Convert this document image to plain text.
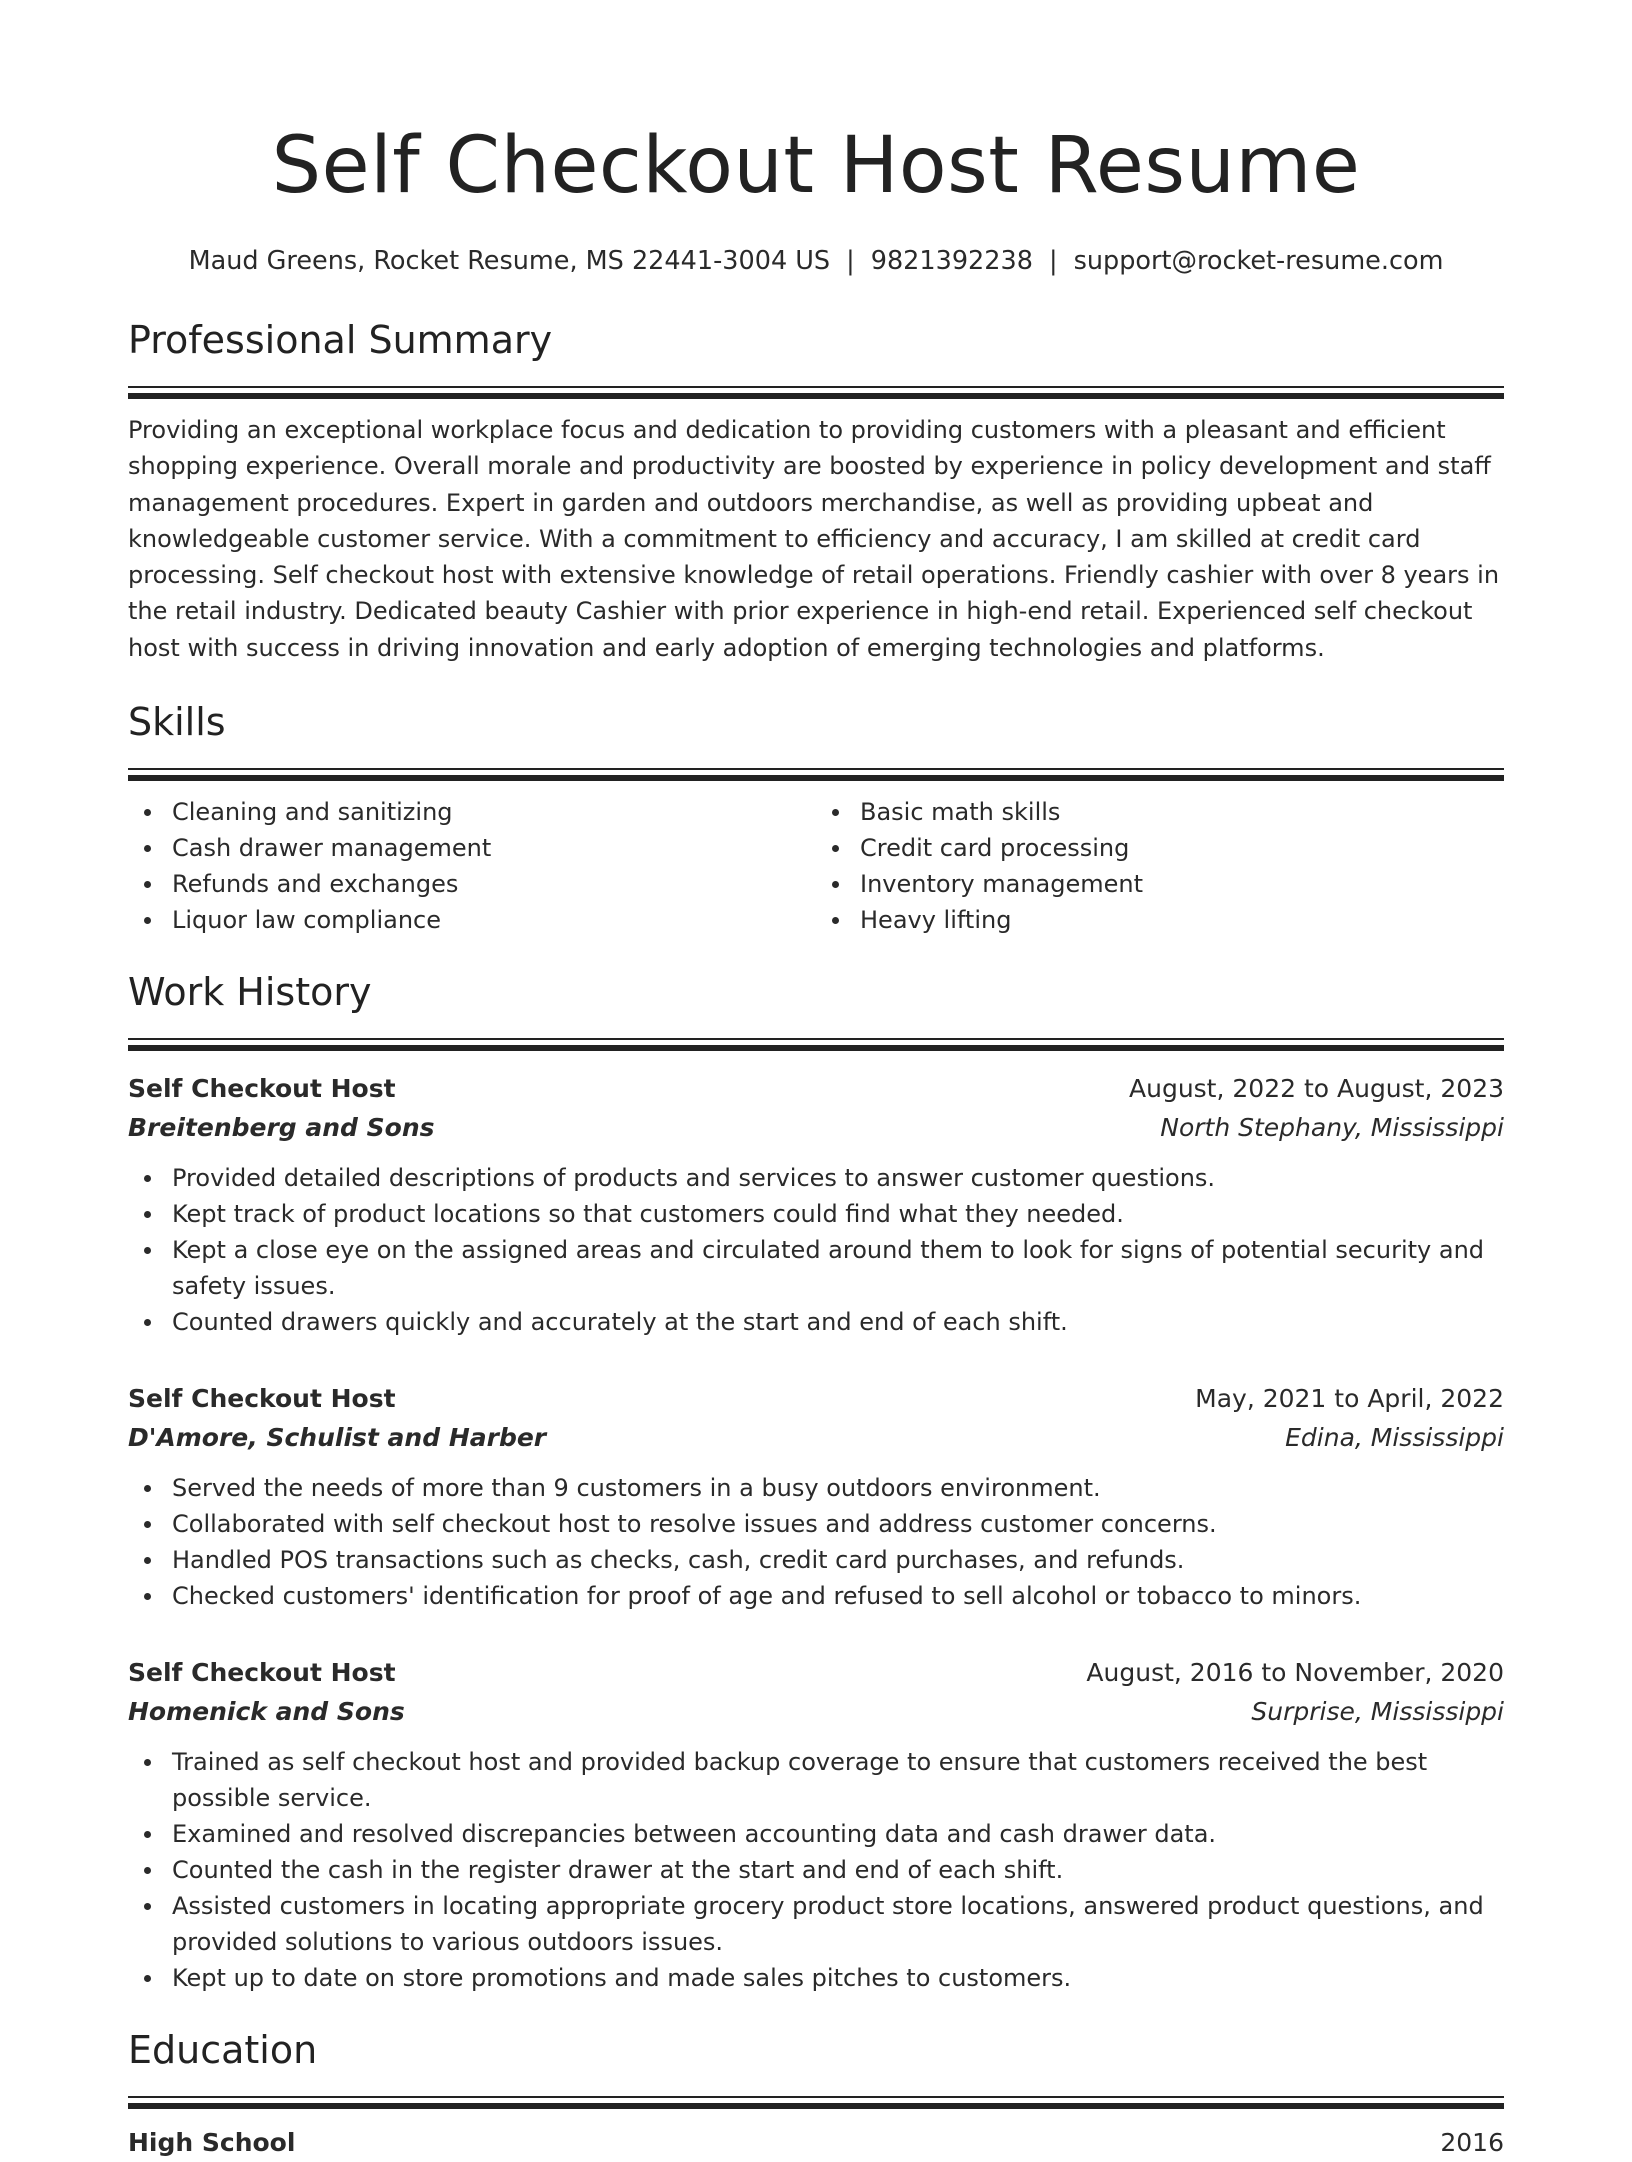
Self Checkout Host Resume
Maud Greens, Rocket Resume, MS 22441-3004 US | 9821392238 | support@rocket-resume.com
Professional Summary
Providing an exceptional workplace focus and dedication to providing customers with a pleasant and efficient shopping experience. Overall morale and productivity are boosted by experience in policy development and staff management procedures. Expert in garden and outdoors merchandise, as well as providing upbeat and knowledgeable customer service. With a commitment to efficiency and accuracy, I am skilled at credit card processing. Self checkout host with extensive knowledge of retail operations. Friendly cashier with over 8 years in the retail industry. Dedicated beauty Cashier with prior experience in high-end retail. Experienced self checkout host with success in driving innovation and early adoption of emerging technologies and platforms.
Skills
Cleaning and sanitizing
Cash drawer management
Refunds and exchanges
Liquor law compliance
Basic math skills
Credit card processing
Inventory management
Heavy lifting
Work History
Self Checkout Host	August, 2022 to August, 2023
Breitenberg and Sons	North Stephany, Mississippi
Provided detailed descriptions of products and services to answer customer questions.
Kept track of product locations so that customers could find what they needed.
Kept a close eye on the assigned areas and circulated around them to look for signs of potential security and safety issues.
Counted drawers quickly and accurately at the start and end of each shift.
Self Checkout Host	May, 2021 to April, 2022
D'Amore, Schulist and Harber	Edina, Mississippi
Served the needs of more than 9 customers in a busy outdoors environment.
Collaborated with self checkout host to resolve issues and address customer concerns.
Handled POS transactions such as checks, cash, credit card purchases, and refunds.
Checked customers' identification for proof of age and refused to sell alcohol or tobacco to minors.
Self Checkout Host	August, 2016 to November, 2020
Homenick and Sons	Surprise, Mississippi
Trained as self checkout host and provided backup coverage to ensure that customers received the best possible service.
Examined and resolved discrepancies between accounting data and cash drawer data.
Counted the cash in the register drawer at the start and end of each shift.
Assisted customers in locating appropriate grocery product store locations, answered product questions, and provided solutions to various outdoors issues.
Kept up to date on store promotions and made sales pitches to customers.
Education
High School	2016
